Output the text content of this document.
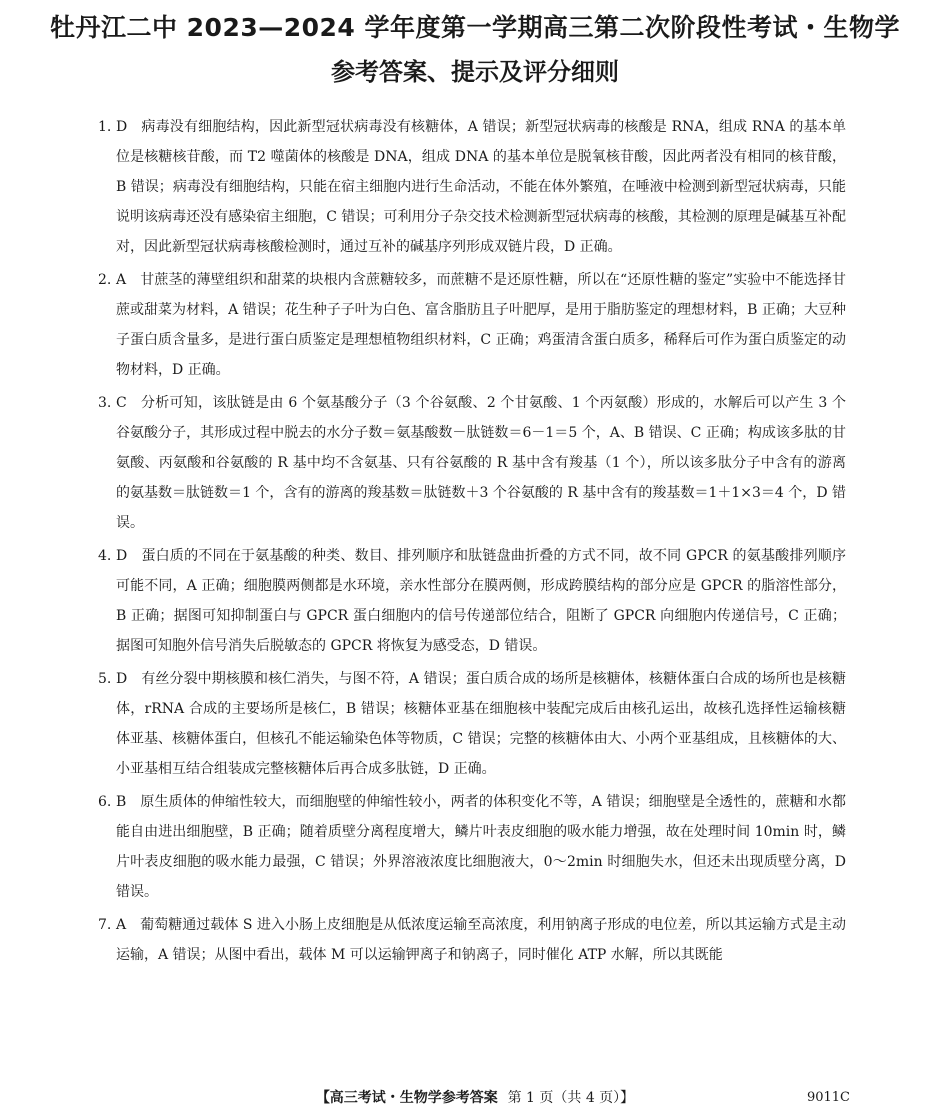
牡丹江二中 2023—2024 学年度第一学期高三第二次阶段性考试・生物学
参考答案、提示及评分细则
1. D 病毒没有细胞结构，因此新型冠状病毒没有核糖体，A 错误；新型冠状病毒的核酸是 RNA，组成 RNA 的基本单位是核糖核苷酸，而 T2 噬菌体的核酸是 DNA，组成 DNA 的基本单位是脱氧核苷酸，因此两者没有相同的核苷酸，B 错误；病毒没有细胞结构，只能在宿主细胞内进行生命活动，不能在体外繁殖，在唾液中检测到新型冠状病毒，只能说明该病毒还没有感染宿主细胞，C 错误；可利用分子杂交技术检测新型冠状病毒的核酸，其检测的原理是碱基互补配对，因此新型冠状病毒核酸检测时，通过互补的碱基序列形成双链片段，D 正确。
2. A 甘蔗茎的薄壁组织和甜菜的块根内含蔗糖较多，而蔗糖不是还原性糖，所以在“还原性糖的鉴定”实验中不能选择甘蔗或甜菜为材料，A 错误；花生种子子叶为白色、富含脂肪且子叶肥厚，是用于脂肪鉴定的理想材料，B 正确；大豆种子蛋白质含量多，是进行蛋白质鉴定是理想植物组织材料，C 正确；鸡蛋清含蛋白质多，稀释后可作为蛋白质鉴定的动物材料，D 正确。
3. C 分析可知，该肽链是由 6 个氨基酸分子（3 个谷氨酸、2 个甘氨酸、1 个丙氨酸）形成的，水解后可以产生 3 个谷氨酸分子，其形成过程中脱去的水分子数＝氨基酸数－肽链数＝6－1＝5 个，A、B 错误、C 正确；构成该多肽的甘氨酸、丙氨酸和谷氨酸的 R 基中均不含氨基、只有谷氨酸的 R 基中含有羧基（1 个），所以该多肽分子中含有的游离的氨基数＝肽链数＝1 个，含有的游离的羧基数＝肽链数＋3 个谷氨酸的 R 基中含有的羧基数＝1＋1×3＝4 个，D 错误。
4. D 蛋白质的不同在于氨基酸的种类、数目、排列顺序和肽链盘曲折叠的方式不同，故不同 GPCR 的氨基酸排列顺序可能不同，A 正确；细胞膜两侧都是水环境，亲水性部分在膜两侧，形成跨膜结构的部分应是 GPCR 的脂溶性部分，B 正确；据图可知抑制蛋白与 GPCR 蛋白细胞内的信号传递部位结合，阻断了 GPCR 向细胞内传递信号，C 正确；据图可知胞外信号消失后脱敏态的 GPCR 将恢复为感受态，D 错误。
5. D 有丝分裂中期核膜和核仁消失，与图不符，A 错误；蛋白质合成的场所是核糖体，核糖体蛋白合成的场所也是核糖体，rRNA 合成的主要场所是核仁，B 错误；核糖体亚基在细胞核中装配完成后由核孔运出，故核孔选择性运输核糖体亚基、核糖体蛋白，但核孔不能运输染色体等物质，C 错误；完整的核糖体由大、小两个亚基组成，且核糖体的大、小亚基相互结合组装成完整核糖体后再合成多肽链，D 正确。
6. B 原生质体的伸缩性较大，而细胞壁的伸缩性较小，两者的体积变化不等，A 错误；细胞壁是全透性的，蔗糖和水都能自由进出细胞壁，B 正确；随着质壁分离程度增大，鳞片叶表皮细胞的吸水能力增强，故在处理时间 10min 时，鳞片叶表皮细胞的吸水能力最强，C 错误；外界溶液浓度比细胞液大，0～2min 时细胞失水，但还未出现质壁分离，D 错误。
7. A 葡萄糖通过载体 S 进入小肠上皮细胞是从低浓度运输至高浓度，利用钠离子形成的电位差，所以其运输方式是主动运输，A 错误；从图中看出，载体 M 可以运输钾离子和钠离子，同时催化 ATP 水解，所以其既能
【高三考试・生物学参考答案 第 1 页（共 4 页）】	9011C
